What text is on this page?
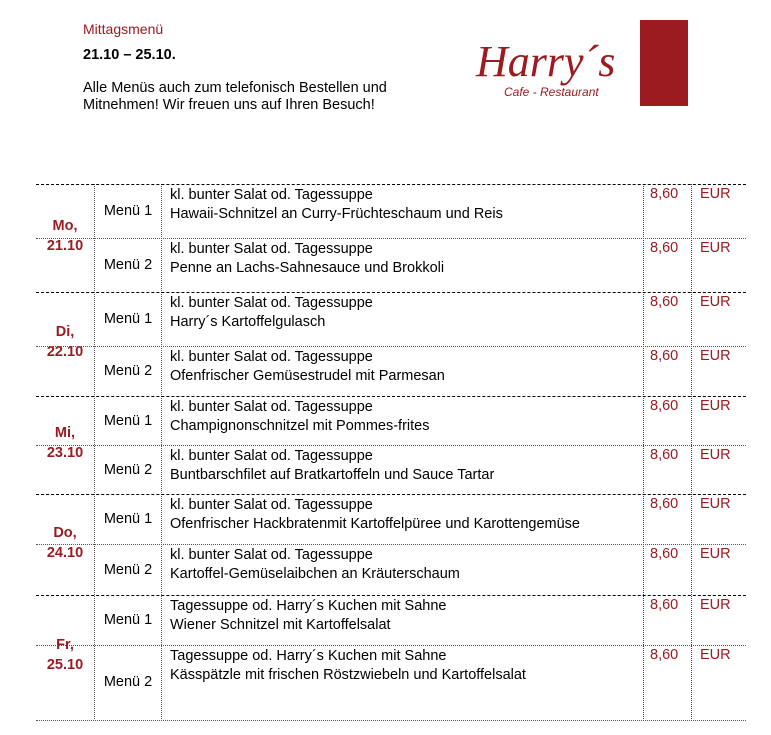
Mittagsmenü
21.10 – 25.10.
Alle Menüs auch zum telefonisch Bestellen und Mitnehmen! Wir freuen uns auf Ihren Besuch!
Harry´s
Cafe - Restaurant
Mo,
21.10
Menü 1
kl. bunter Salat od. Tagessuppe
Hawaii-Schnitzel an Curry-Früchteschaum und Reis
8,60 EUR
Menü 2
kl. bunter Salat od. Tagessuppe
Penne an Lachs-Sahnesauce und Brokkoli
8,60 EUR
Di,
22.10
Menü 1
kl. bunter Salat od. Tagessuppe
Harry´s Kartoffelgulasch
8,60 EUR
Menü 2
kl. bunter Salat od. Tagessuppe
Ofenfrischer Gemüsestrudel mit Parmesan
8,60 EUR
Mi,
23.10
Menü 1
kl. bunter Salat od. Tagessuppe
Champignonschnitzel mit Pommes-frites
8,60 EUR
Menü 2
kl. bunter Salat od. Tagessuppe
Buntbarschfilet auf Bratkartoffeln und Sauce Tartar
8,60 EUR
Do,
24.10
Menü 1
kl. bunter Salat od. Tagessuppe
Ofenfrischer Hackbratenmit Kartoffelpüree und Karottengemüse
8,60 EUR
Menü 2
kl. bunter Salat od. Tagessuppe
Kartoffel-Gemüselaibchen an Kräuterschaum
8,60 EUR
Fr,
25.10
Menü 1
Tagessuppe od. Harry´s Kuchen mit Sahne
Wiener Schnitzel mit Kartoffelsalat
8,60 EUR
Menü 2
Tagessuppe od. Harry´s Kuchen mit Sahne
Kässpätzle mit frischen Röstzwiebeln und Kartoffelsalat
8,60 EUR
